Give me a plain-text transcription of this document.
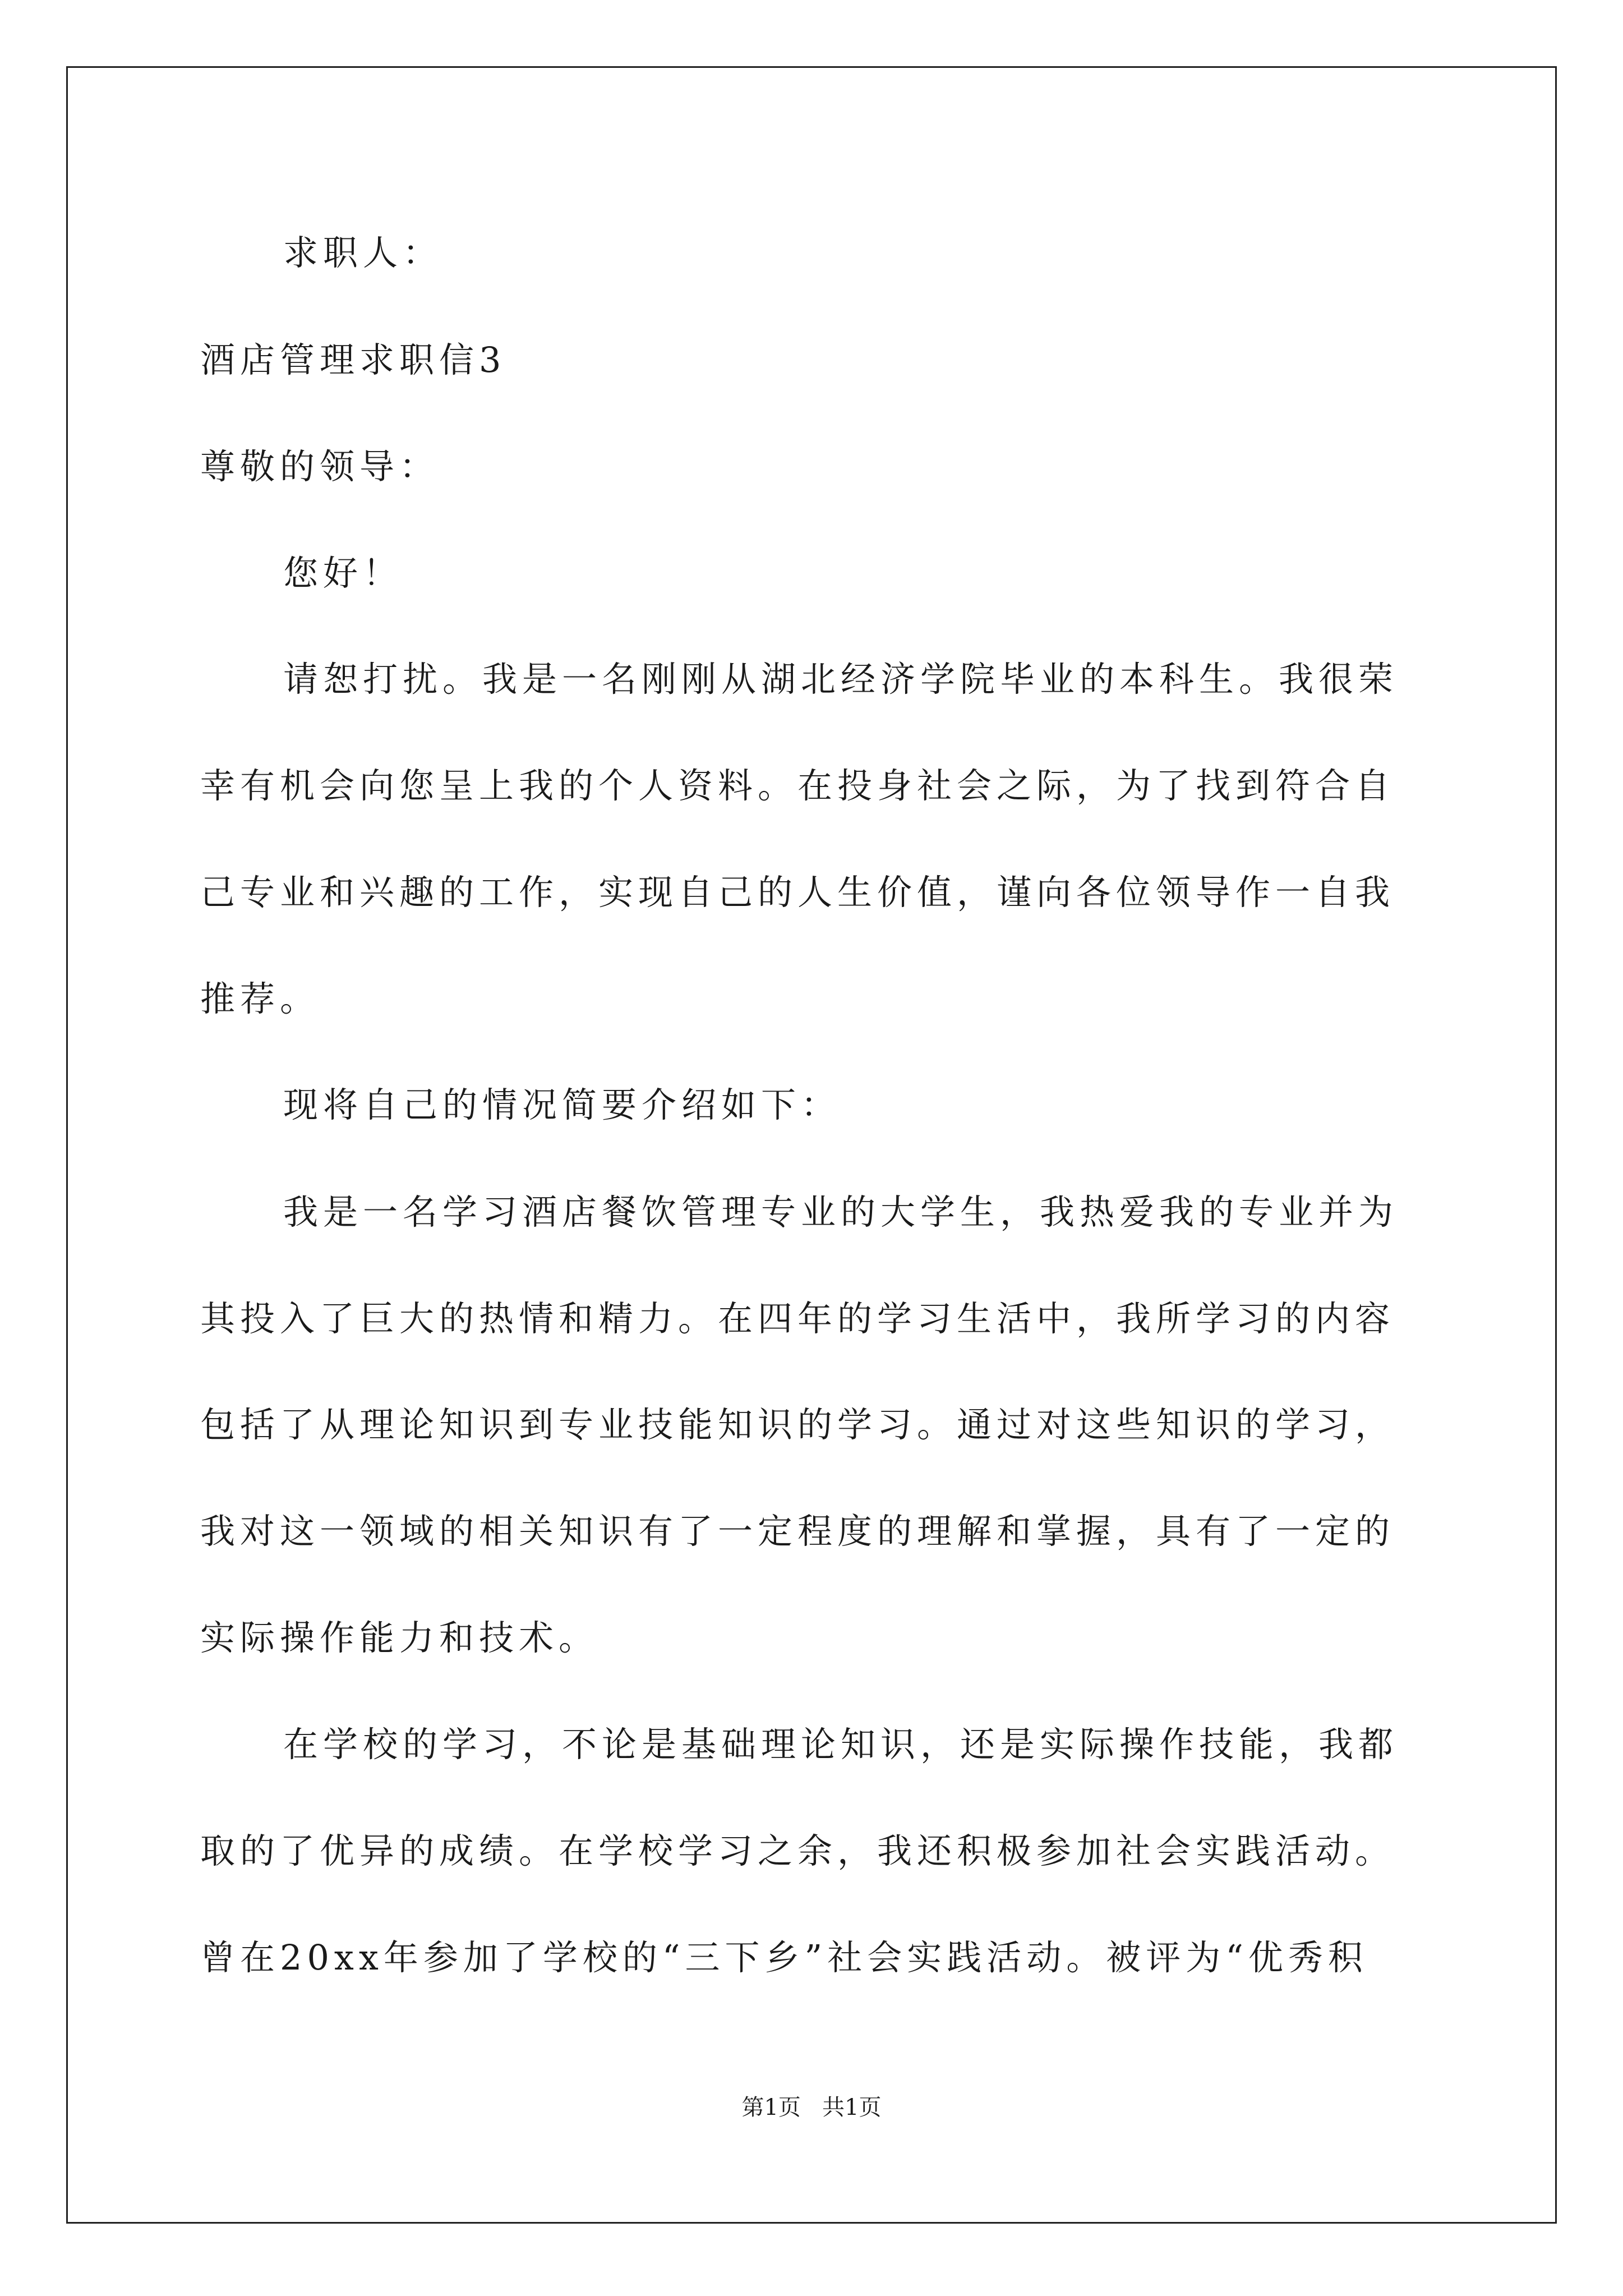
求职人：
酒店管理求职信3
尊敬的领导：
您好！
请恕打扰。我是一名刚刚从湖北经济学院毕业的本科生。我很荣
幸有机会向您呈上我的个人资料。在投身社会之际，为了找到符合自
己专业和兴趣的工作，实现自己的人生价值，谨向各位领导作一自我
推荐。
现将自己的情况简要介绍如下：
我是一名学习酒店餐饮管理专业的大学生，我热爱我的专业并为
其投入了巨大的热情和精力。在四年的学习生活中，我所学习的内容
包括了从理论知识到专业技能知识的学习。通过对这些知识的学习，
我对这一领域的相关知识有了一定程度的理解和掌握，具有了一定的
实际操作能力和技术。
在学校的学习，不论是基础理论知识，还是实际操作技能，我都
取的了优异的成绩。在学校学习之余，我还积极参加社会实践活动。
曾在20xx年参加了学校的“三下乡”社会实践活动。被评为“优秀积
第1页   共1页
